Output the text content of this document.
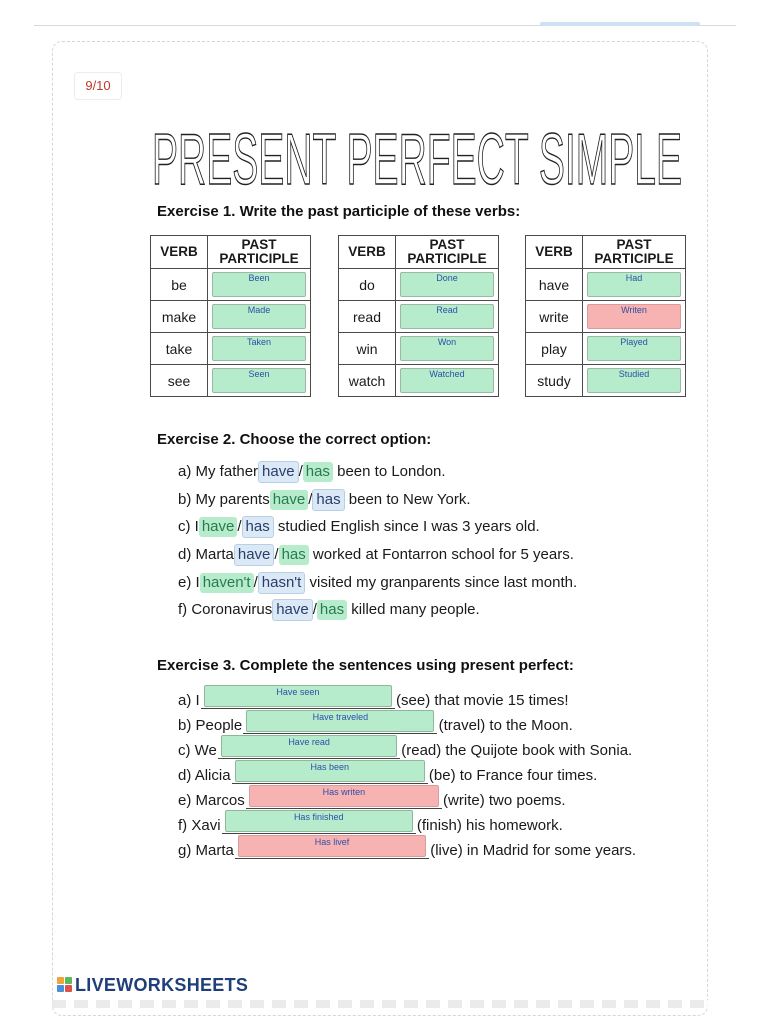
9/10
PRESENT PERFECT SIMPLE
Exercise 1. Write the past participle of these verbs:
VERB	PAST
PARTICIPLE
be	Been

make	Made

take	Taken

see	Seen
VERB	PAST
PARTICIPLE
do	Done

read	Read

win	Won

watch	Watched
VERB	PAST
PARTICIPLE
have	Had

write	Writen

play	Played

study	Studied
Exercise 2. Choose the correct option:
a) My father have / has been to London.
b) My parents have / has been to New York.
c) I have / has studied English since I was 3 years old.
d) Marta have / has worked at Fontarron school for 5 years.
e) I haven't / hasn't visited my granparents since last month.
f) Coronavirus have / has killed many people.
Exercise 3. Complete the sentences using present perfect:
a) I	Have seen	(see) that movie 15 times!
b) People	Have traveled	(travel) to the Moon.
c) We	Have read	(read) the Quijote book with Sonia.
d) Alicia	Has been	(be) to France four times.
e) Marcos	Has writen	(write) two poems.
f) Xavi	Has finished	(finish) his homework.
g) Marta	Has livef	(live) in Madrid for some years.
LIVEWORKSHEETS
